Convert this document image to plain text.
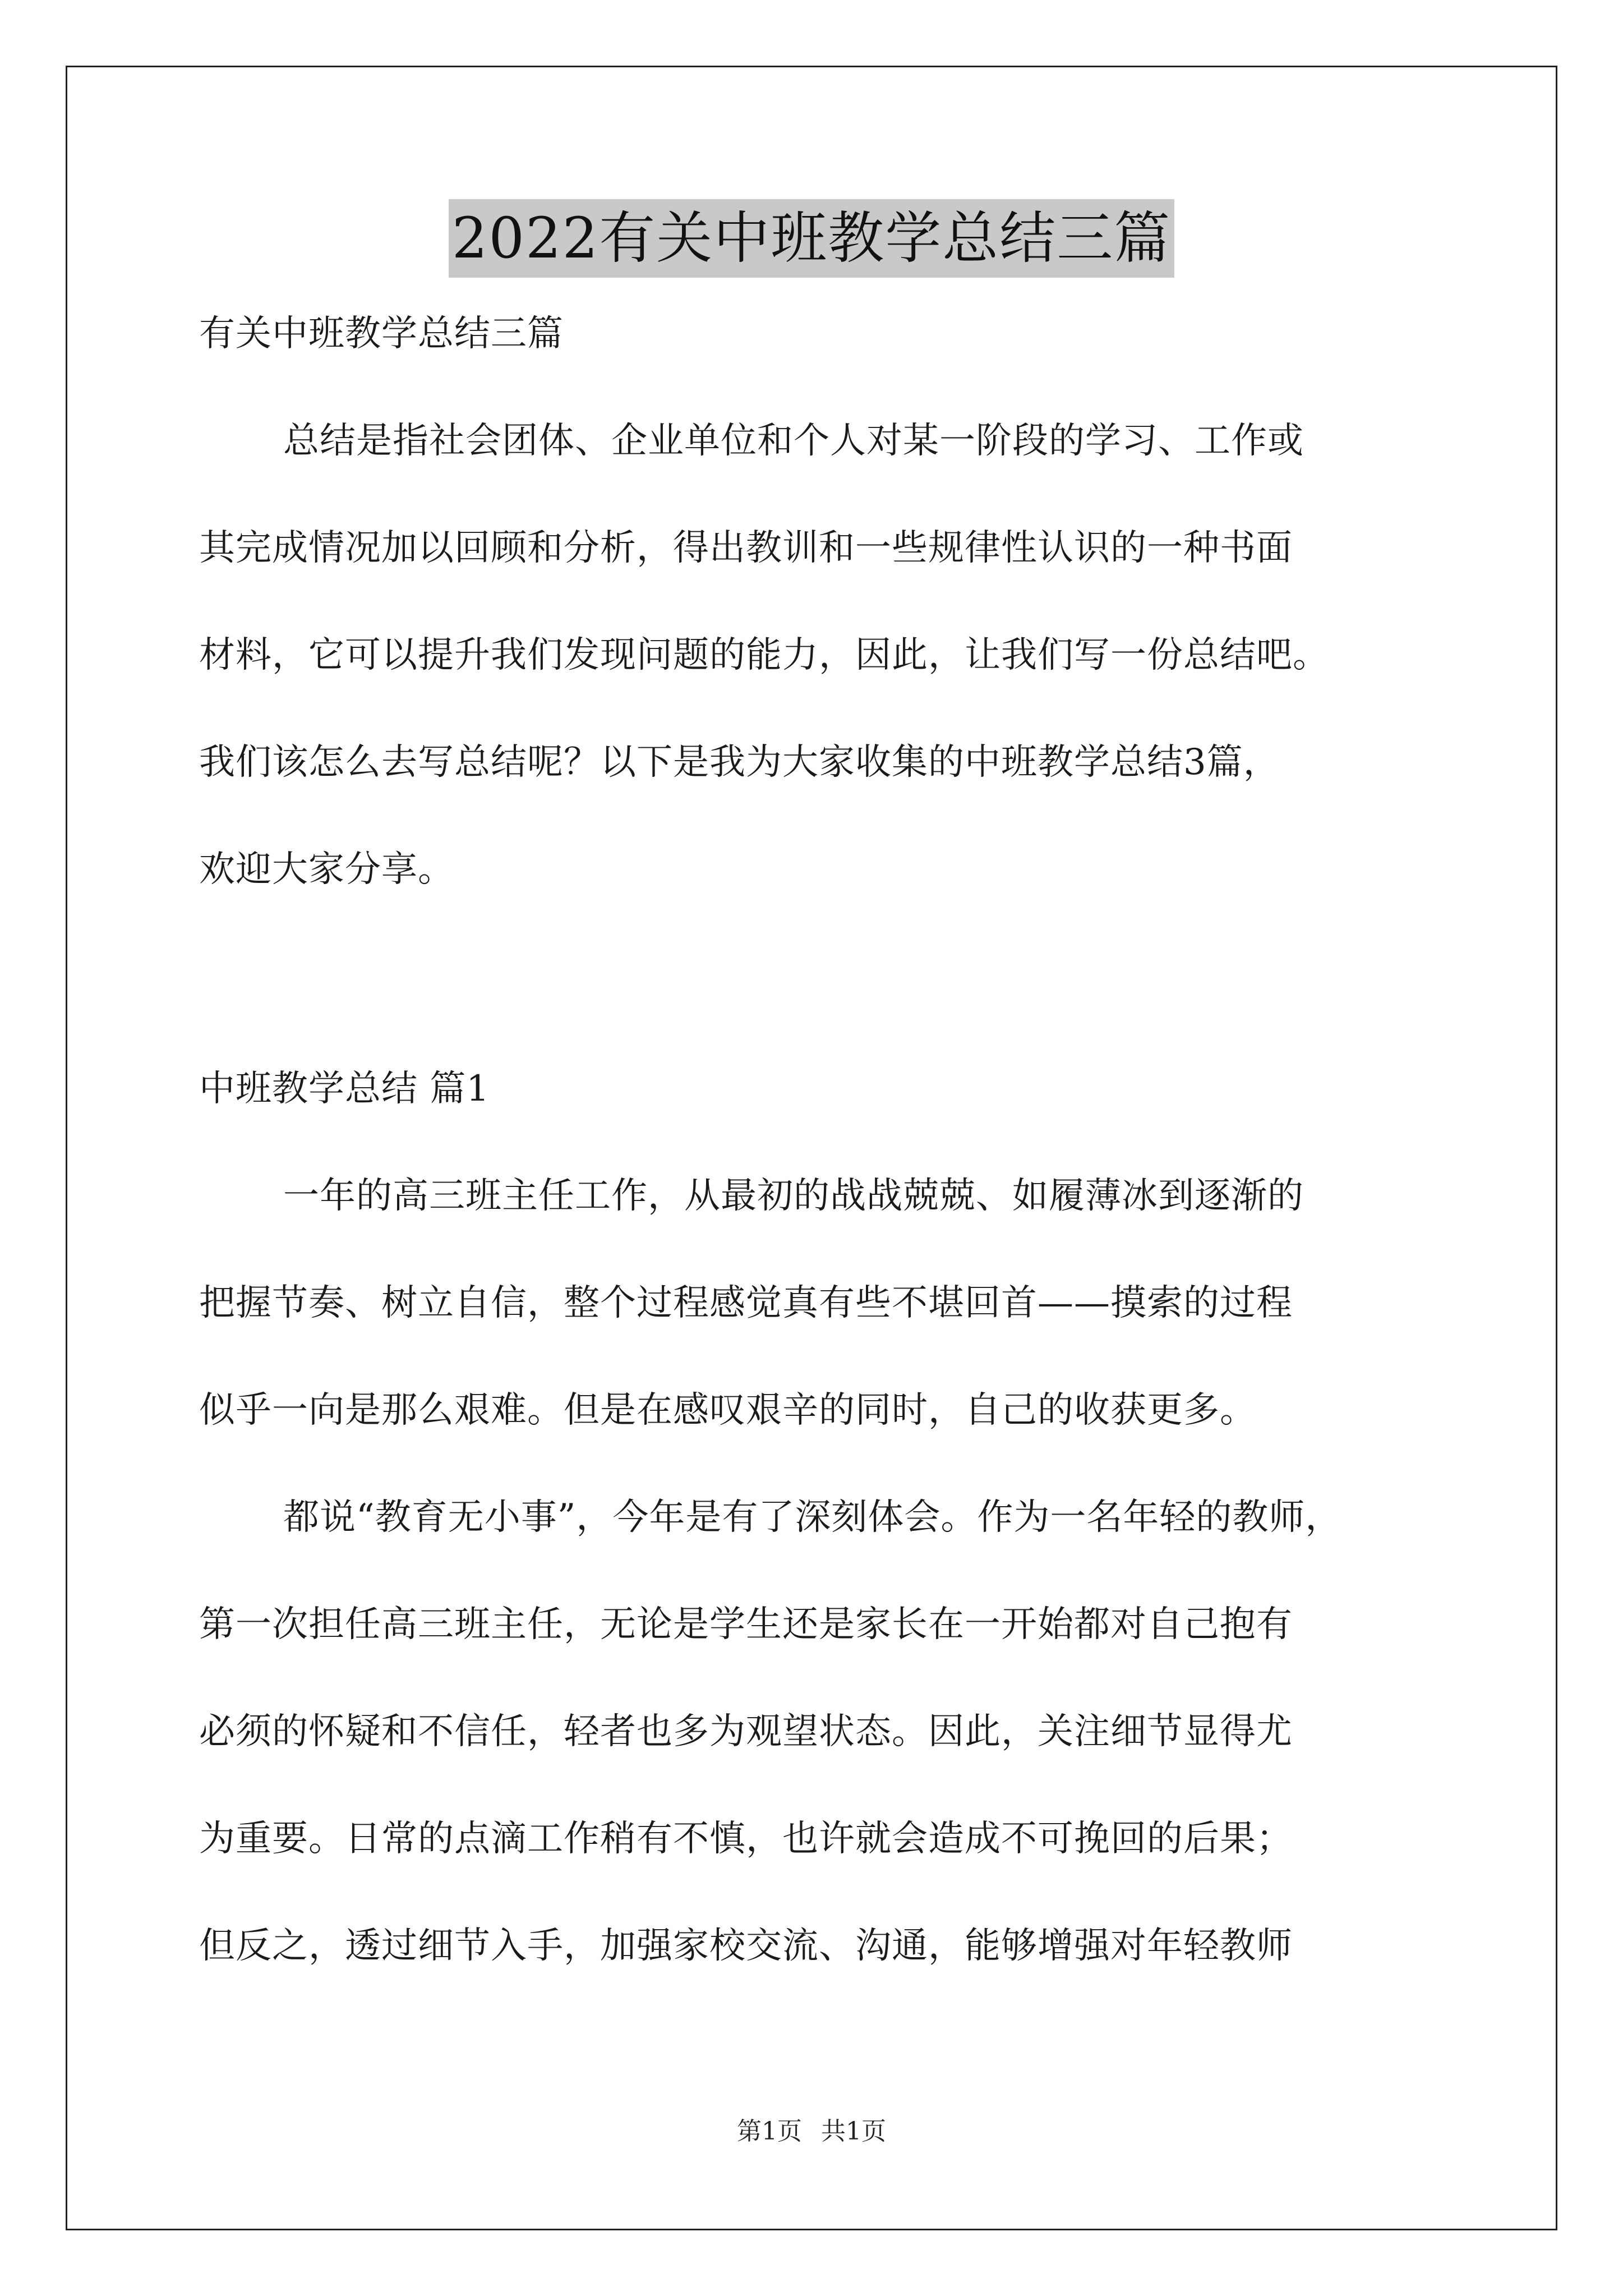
2022有关中班教学总结三篇
有关中班教学总结三篇
总结是指社会团体、企业单位和个人对某一阶段的学习、工作或
其完成情况加以回顾和分析，得出教训和一些规律性认识的一种书面
材料，它可以提升我们发现问题的能力，因此，让我们写一份总结吧。
我们该怎么去写总结呢？以下是我为大家收集的中班教学总结3篇，
欢迎大家分享。
中班教学总结 篇1
一年的高三班主任工作，从最初的战战兢兢、如履薄冰到逐渐的
把握节奏、树立自信，整个过程感觉真有些不堪回首——摸索的过程
似乎一向是那么艰难。但是在感叹艰辛的同时，自己的收获更多。
都说“教育无小事”，今年是有了深刻体会。作为一名年轻的教师，
第一次担任高三班主任，无论是学生还是家长在一开始都对自己抱有
必须的怀疑和不信任，轻者也多为观望状态。因此，关注细节显得尤
为重要。日常的点滴工作稍有不慎，也许就会造成不可挽回的后果；
但反之，透过细节入手，加强家校交流、沟通，能够增强对年轻教师
第1页 共1页
